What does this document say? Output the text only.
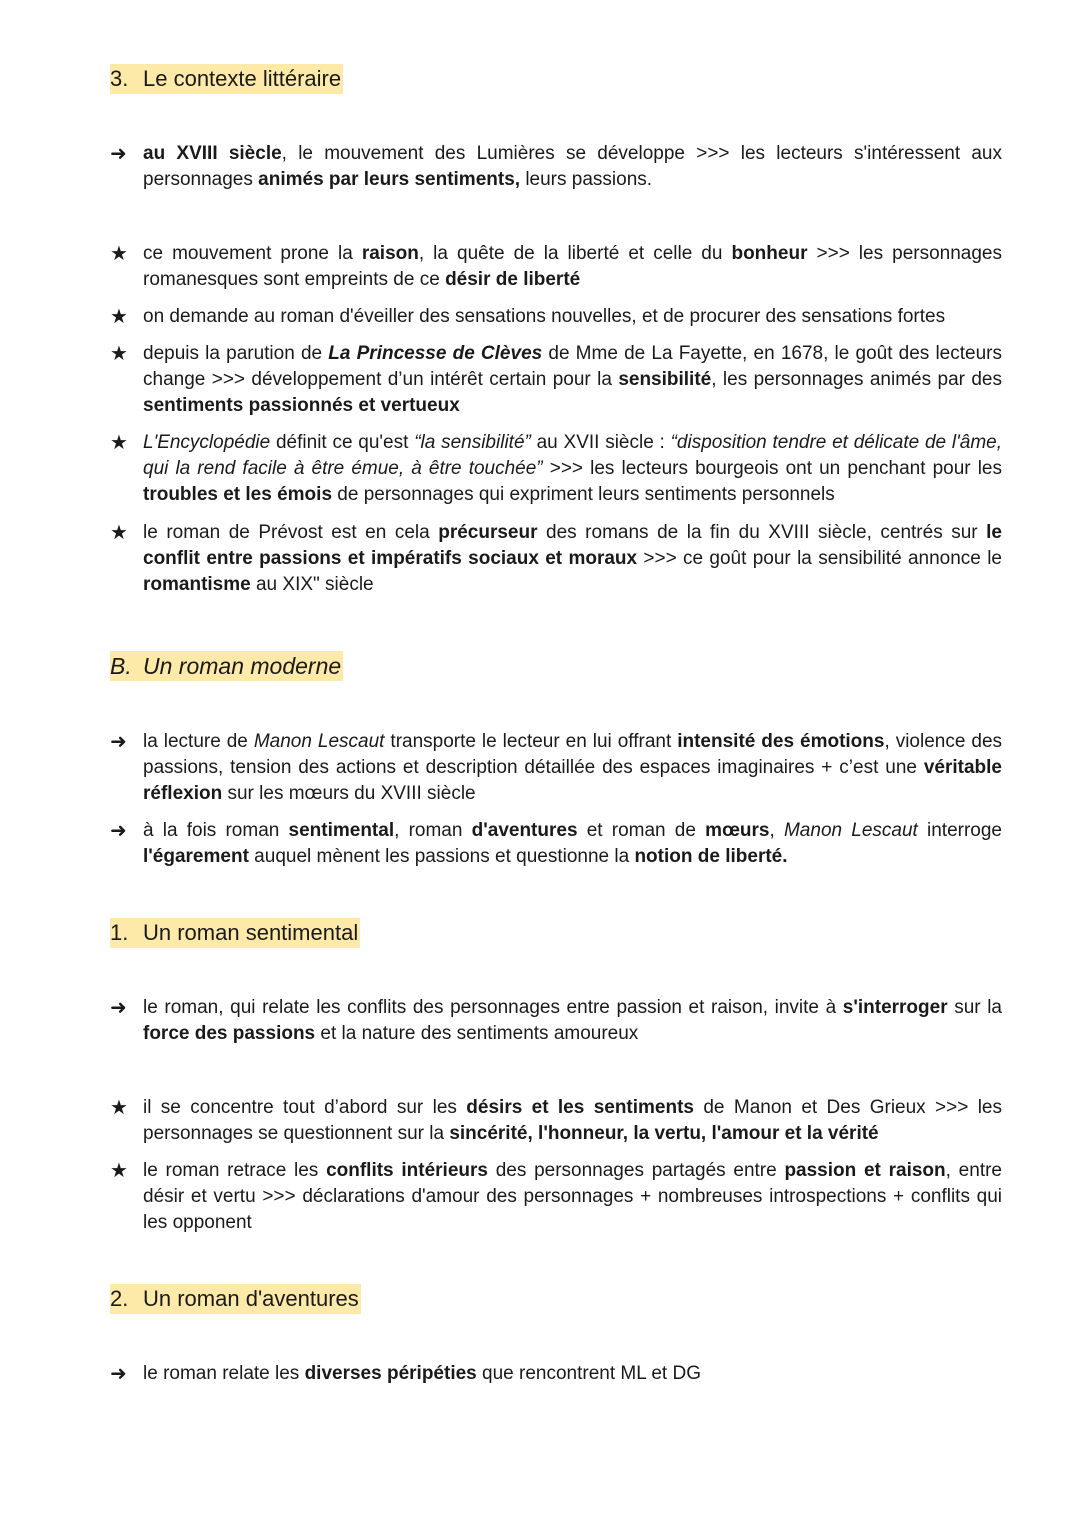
3. Le contexte littéraire
➜ au XVIII siècle, le mouvement des Lumières se développe >>> les lecteurs s'intéressent aux personnages animés par leurs sentiments, leurs passions.
★ ce mouvement prone la raison, la quête de la liberté et celle du bonheur >>> les personnages romanesques sont empreints de ce désir de liberté
★ on demande au roman d'éveiller des sensations nouvelles, et de procurer des sensations fortes
★ depuis la parution de La Princesse de Clèves de Mme de La Fayette, en 1678, le goût des lecteurs change >>> développement d’un intérêt certain pour la sensibilité, les personnages animés par des sentiments passionnés et vertueux
★ L'Encyclopédie définit ce qu'est “la sensibilité” au XVII siècle : “disposition tendre et délicate de l'âme, qui la rend facile à être émue, à être touchée” >>> les lecteurs bourgeois ont un penchant pour les troubles et les émois de personnages qui expriment leurs sentiments personnels
★ le roman de Prévost est en cela précurseur des romans de la fin du XVIII siècle, centrés sur le conflit entre passions et impératifs sociaux et moraux >>> ce goût pour la sensibilité annonce le romantisme au XIX" siècle
B. Un roman moderne
➜ la lecture de Manon Lescaut transporte le lecteur en lui offrant intensité des émotions, violence des passions, tension des actions et description détaillée des espaces imaginaires + c’est une véritable réflexion sur les mœurs du XVIII siècle
➜ à la fois roman sentimental, roman d'aventures et roman de mœurs, Manon Lescaut interroge l'égarement auquel mènent les passions et questionne la notion de liberté.
1. Un roman sentimental
➜ le roman, qui relate les conflits des personnages entre passion et raison, invite à s'interroger sur la force des passions et la nature des sentiments amoureux
★ il se concentre tout d’abord sur les désirs et les sentiments de Manon et Des Grieux >>> les personnages se questionnent sur la sincérité, l'honneur, la vertu, l'amour et la vérité
★ le roman retrace les conflits intérieurs des personnages partagés entre passion et raison, entre désir et vertu >>> déclarations d'amour des personnages + nombreuses introspections + conflits qui les opponent
2. Un roman d'aventures
➜ le roman relate les diverses péripéties que rencontrent ML et DG
